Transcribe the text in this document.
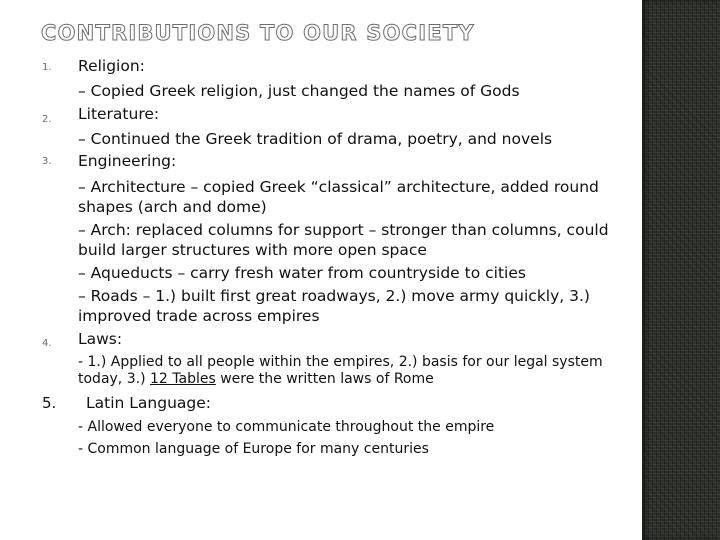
CONTRIBUTIONS TO OUR SOCIETY
1. Religion:
– Copied Greek religion, just changed the names of Gods
2. Literature:
– Continued the Greek tradition of drama, poetry, and novels
3. Engineering:
– Architecture – copied Greek “classical” architecture, added round shapes (arch and dome)
– Arch: replaced columns for support – stronger than columns, could build larger structures with more open space
– Aqueducts – carry fresh water from countryside to cities
– Roads – 1.) built first great roadways, 2.) move army quickly, 3.) improved trade across empires
4. Laws:
- 1.) Applied to all people within the empires, 2.) basis for our legal system today, 3.) 12 Tables were the written laws of Rome
5. Latin Language:
- Allowed everyone to communicate throughout the empire
- Common language of Europe for many centuries
